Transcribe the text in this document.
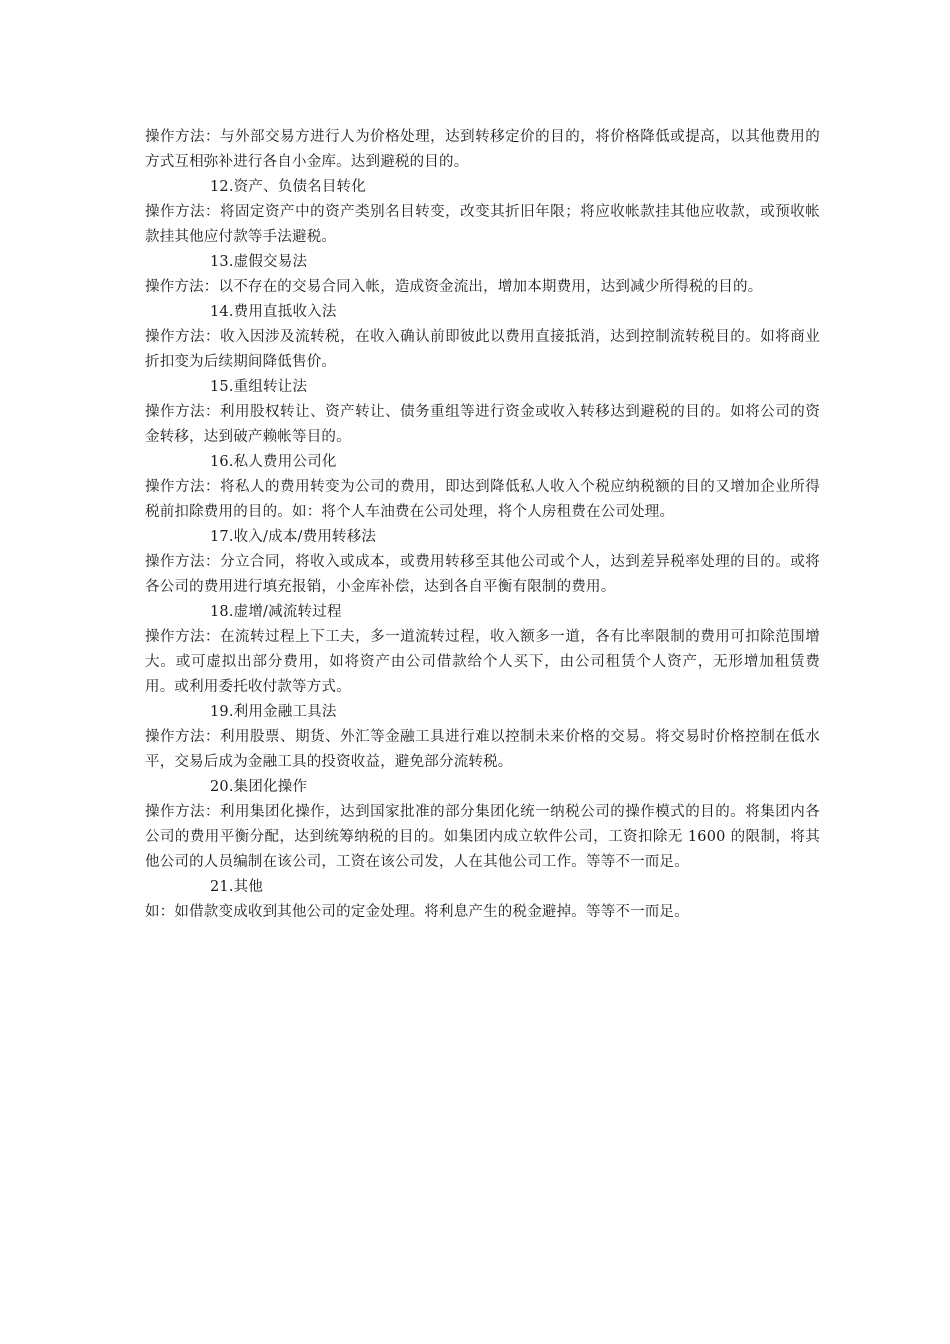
操作方法：与外部交易方进行人为价格处理，达到转移定价的目的，将价格降低或提高，以其他费用的方式互相弥补进行各自小金库。达到避税的目的。

12.资产、负债名目转化

操作方法：将固定资产中的资产类别名目转变，改变其折旧年限；将应收帐款挂其他应收款，或预收帐款挂其他应付款等手法避税。

13.虚假交易法

操作方法：以不存在的交易合同入帐，造成资金流出，增加本期费用，达到减少所得税的目的。

14.费用直抵收入法

操作方法：收入因涉及流转税，在收入确认前即彼此以费用直接抵消，达到控制流转税目的。如将商业折扣变为后续期间降低售价。

15.重组转让法

操作方法：利用股权转让、资产转让、债务重组等进行资金或收入转移达到避税的目的。如将公司的资金转移，达到破产赖帐等目的。

16.私人费用公司化

操作方法：将私人的费用转变为公司的费用，即达到降低私人收入个税应纳税额的目的又增加企业所得税前扣除费用的目的。如：将个人车油费在公司处理，将个人房租费在公司处理。

17.收入/成本/费用转移法

操作方法：分立合同，将收入或成本，或费用转移至其他公司或个人，达到差异税率处理的目的。或将各公司的费用进行填充报销，小金库补偿，达到各自平衡有限制的费用。

18.虚增/减流转过程

操作方法：在流转过程上下工夫，多一道流转过程，收入额多一道，各有比率限制的费用可扣除范围增大。或可虚拟出部分费用，如将资产由公司借款给个人买下，由公司租赁个人资产，无形增加租赁费用。或利用委托收付款等方式。

19.利用金融工具法

操作方法：利用股票、期货、外汇等金融工具进行难以控制未来价格的交易。将交易时价格控制在低水平，交易后成为金融工具的投资收益，避免部分流转税。

20.集团化操作

操作方法：利用集团化操作，达到国家批准的部分集团化统一纳税公司的操作模式的目的。将集团内各公司的费用平衡分配，达到统筹纳税的目的。如集团内成立软件公司，工资扣除无 1600 的限制，将其他公司的人员编制在该公司，工资在该公司发，人在其他公司工作。等等不一而足。

21.其他

如：如借款变成收到其他公司的定金处理。将利息产生的税金避掉。等等不一而足。
